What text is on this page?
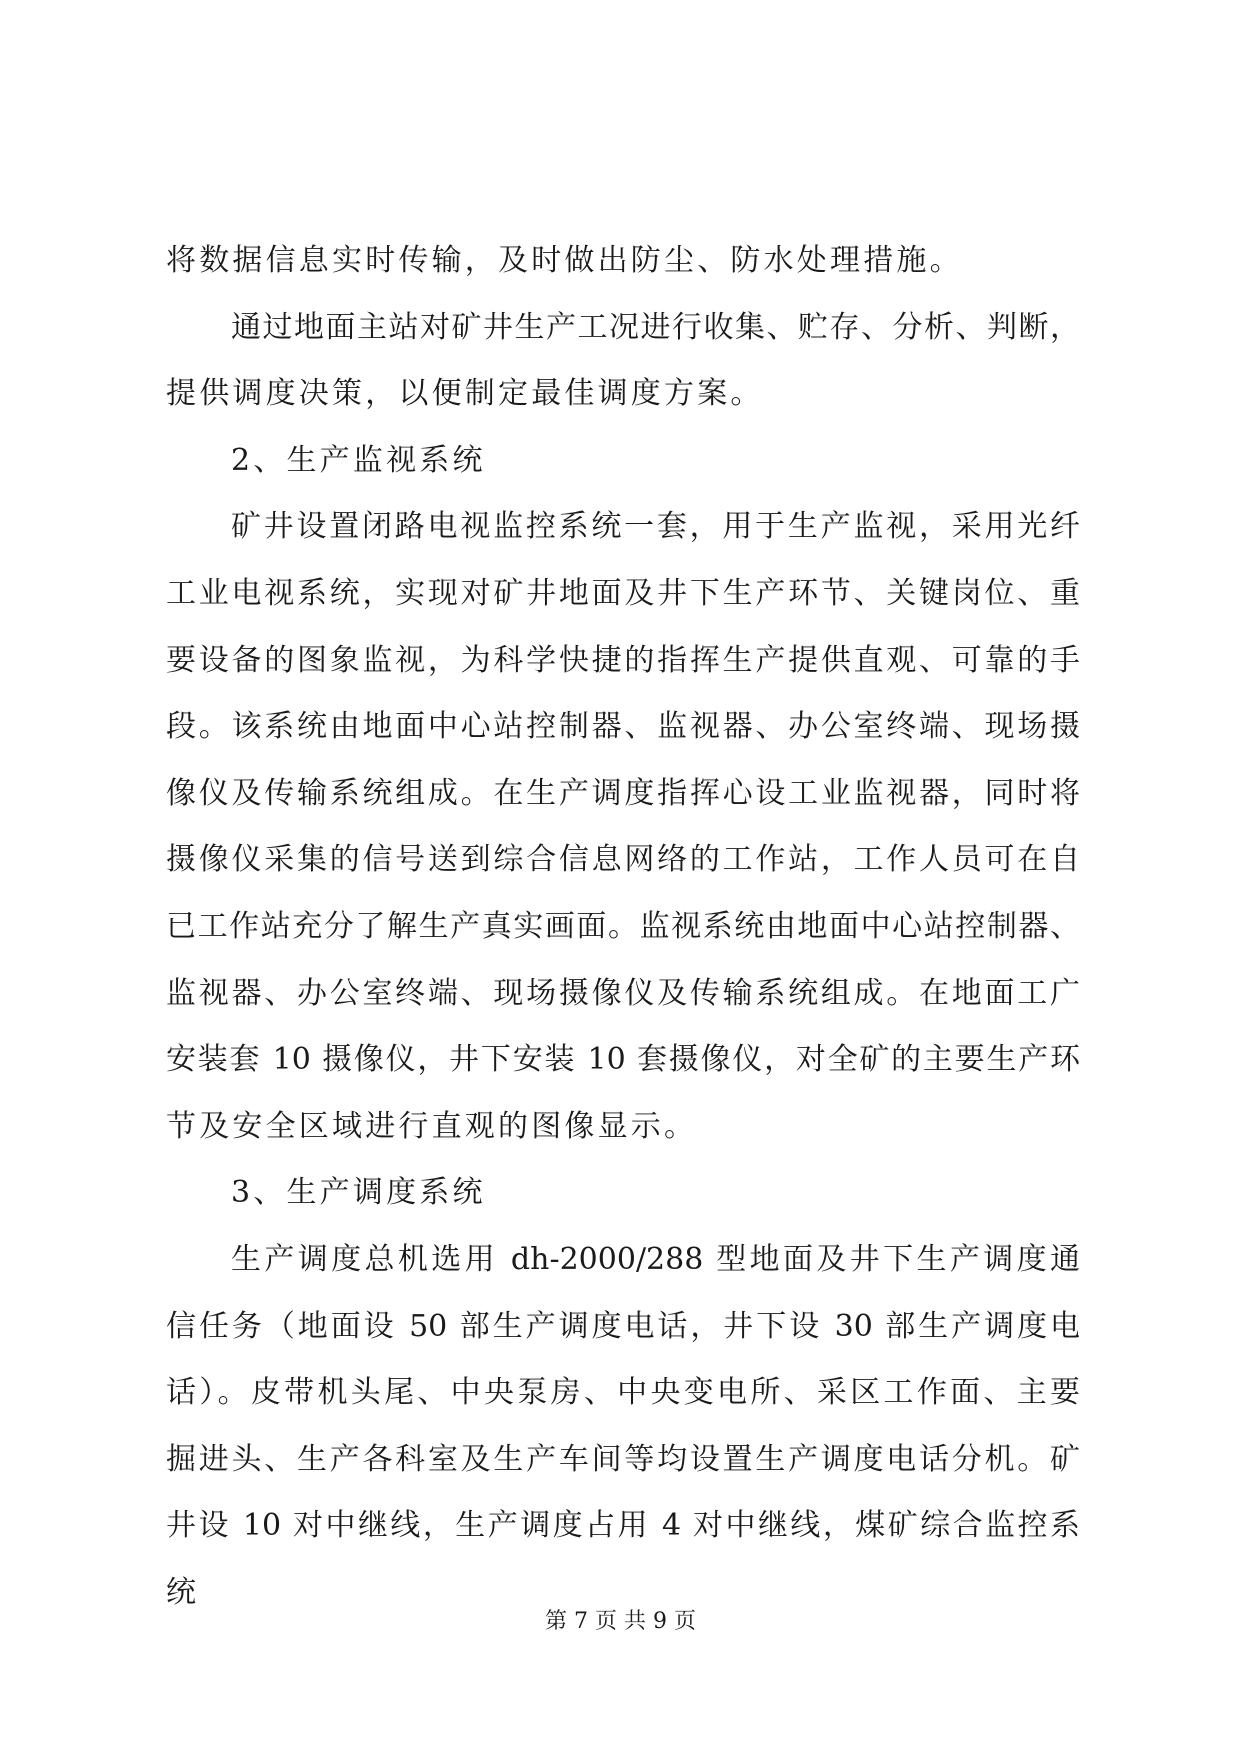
将数据信息实时传输，及时做出防尘、防水处理措施。
通过地面主站对矿井生产工况进行收集、贮存、分析、判断，
提供调度决策，以便制定最佳调度方案。
2、生产监视系统
矿井设置闭路电视监控系统一套，用于生产监视，采用光纤
工业电视系统，实现对矿井地面及井下生产环节、关键岗位、重
要设备的图象监视，为科学快捷的指挥生产提供直观、可靠的手
段。该系统由地面中心站控制器、监视器、办公室终端、现场摄
像仪及传输系统组成。在生产调度指挥心设工业监视器，同时将
摄像仪采集的信号送到综合信息网络的工作站，工作人员可在自
已工作站充分了解生产真实画面。监视系统由地面中心站控制器、
监视器、办公室终端、现场摄像仪及传输系统组成。在地面工广
安装套 10 摄像仪，井下安装 10 套摄像仪，对全矿的主要生产环
节及安全区域进行直观的图像显示。
3、生产调度系统
生产调度总机选用 dh-2000/288 型地面及井下生产调度通
信任务（地面设 50 部生产调度电话，井下设 30 部生产调度电
话）。皮带机头尾、中央泵房、中央变电所、采区工作面、主要
掘进头、生产各科室及生产车间等均设置生产调度电话分机。矿
井设 10 对中继线，生产调度占用 4 对中继线，煤矿综合监控系
统
第 7 页 共 9 页
